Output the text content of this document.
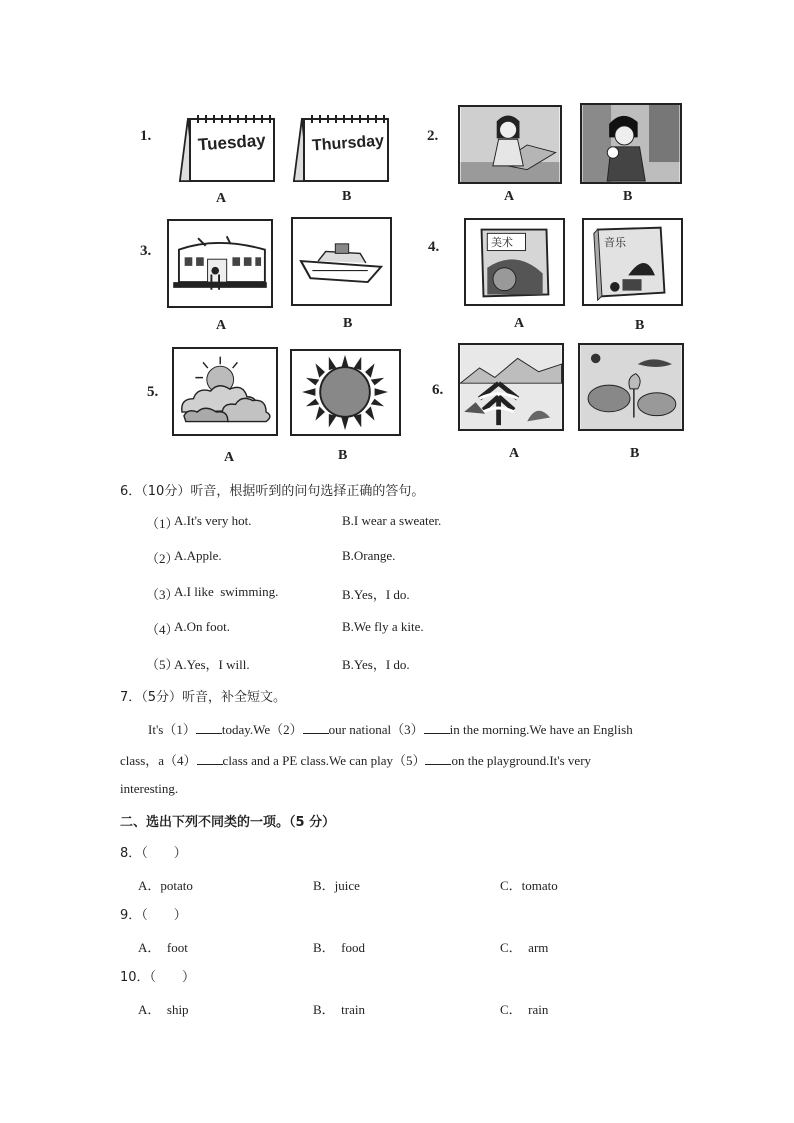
1.	Tuesday	Thursday
A	B
2.
A	B
3.
A	B
4.	美术	音乐
A	B
5.
A	B
6.
A	B
6．（10分）听音，根据听到的问句选择正确的答句。
（1）
A.It's very hot.	B.I wear a sweater.
（2）
A.Apple.	B.Orange.
（3）
A.I like  swimming.	B.Yes，I do.
（4）
A.On foot.	B.We fly a kite.
（5）
A.Yes，I will.	B.Yes，I do.
7．（5分）听音，补全短文。
It's（1） today.We（2） our national（3） in the morning.We have an English
class，a（4） class and a PE class.We can play（5） on the playground.It's very
interesting.
二、选出下列不同类的一项。（5 分）
8．（　　）
A．potato	B．juice	C．tomato
9．（　　）
A．  foot	B．  food	C．  arm
10．（　　）
A．  ship	B．  train	C．  rain
